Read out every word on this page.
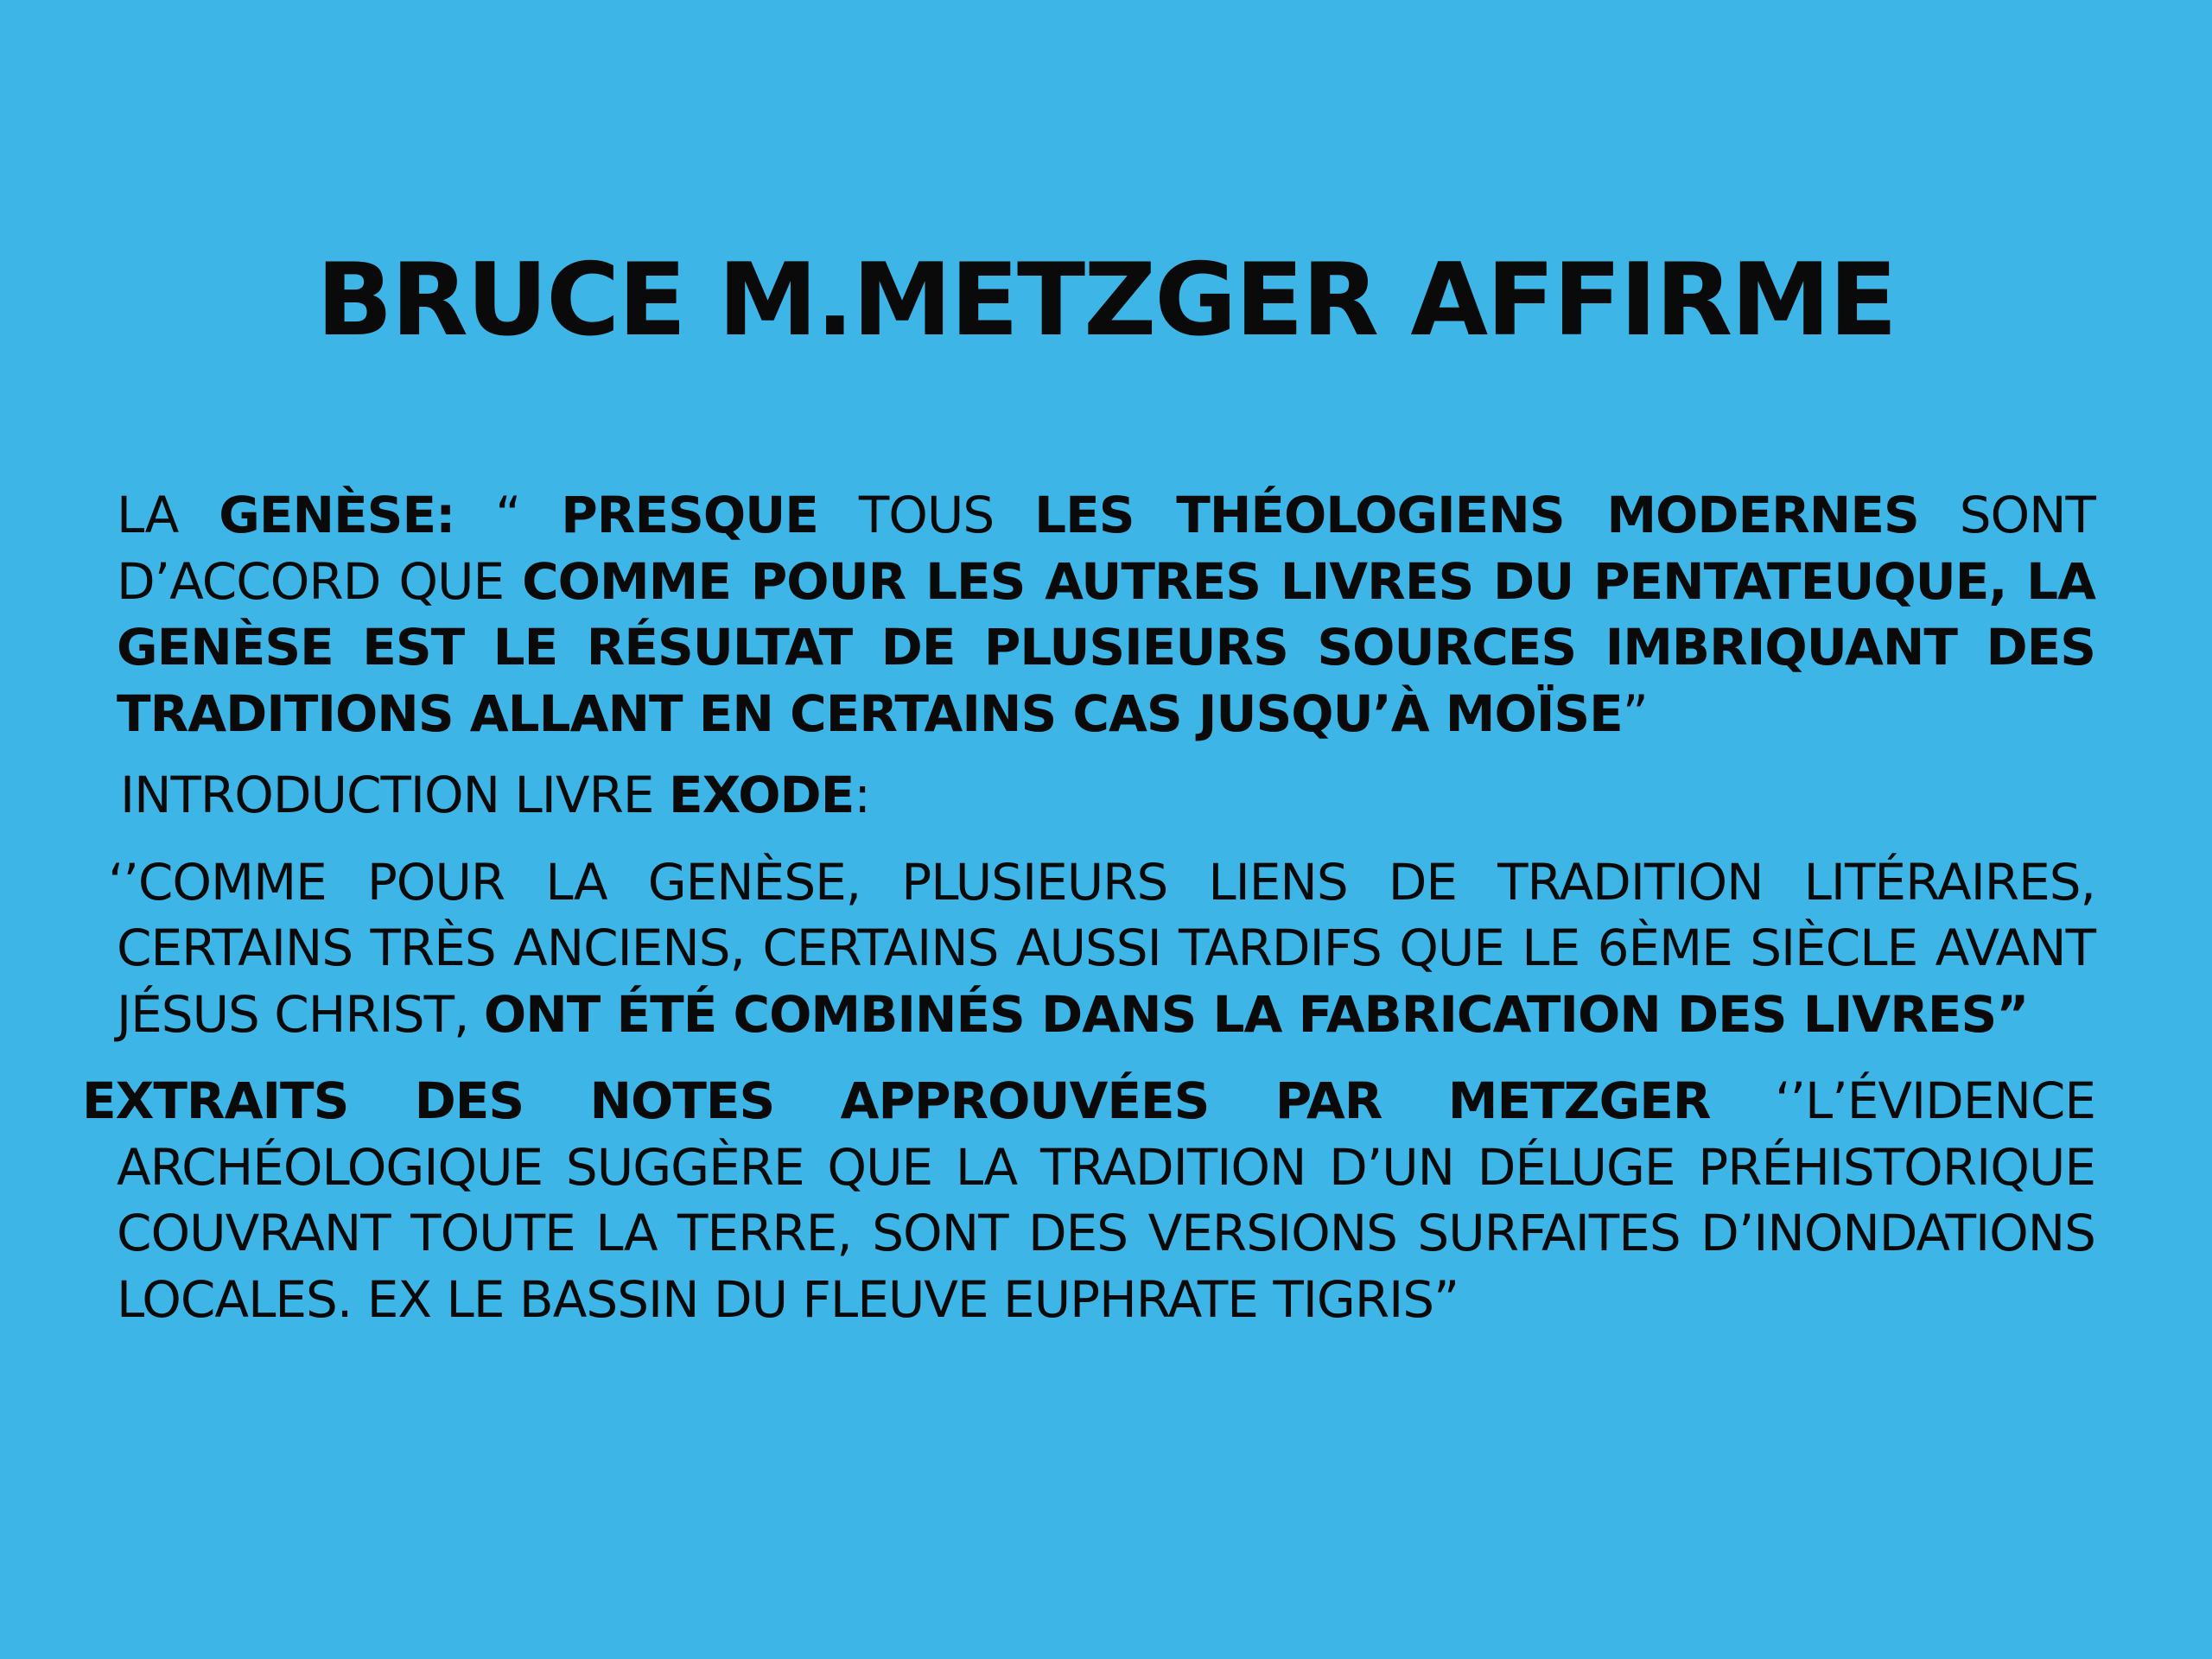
BRUCE M.METZGER AFFIRME

LA GENÈSE: “ PRESQUE TOUS LES THÉOLOGIENS MODERNES SONT D’ACCORD QUE COMME POUR LES AUTRES LIVRES DU PENTATEUQUE, LA GENÈSE EST LE RÉSULTAT DE PLUSIEURS SOURCES IMBRIQUANT DES TRADITIONS ALLANT EN CERTAINS CAS JUSQU’À MOÏSE”

INTRODUCTION LIVRE EXODE:

‘’COMME POUR LA GENÈSE, PLUSIEURS LIENS DE TRADITION LITÉRAIRES, CERTAINS TRÈS ANCIENS, CERTAINS AUSSI TARDIFS QUE LE 6ÈME SIÈCLE AVANT JÉSUS CHRIST, ONT ÉTÉ COMBINÉS DANS LA FABRICATION DES LIVRES”

EXTRAITS DES NOTES APPROUVÉES PAR METZGER ‘’L’ÉVIDENCE ARCHÉOLOGIQUE SUGGÈRE QUE LA TRADITION D’UN DÉLUGE PRÉHISTORIQUE COUVRANT TOUTE LA TERRE, SONT DES VERSIONS SURFAITES D’INONDATIONS LOCALES. EX LE BASSIN DU FLEUVE EUPHRATE TIGRIS”
